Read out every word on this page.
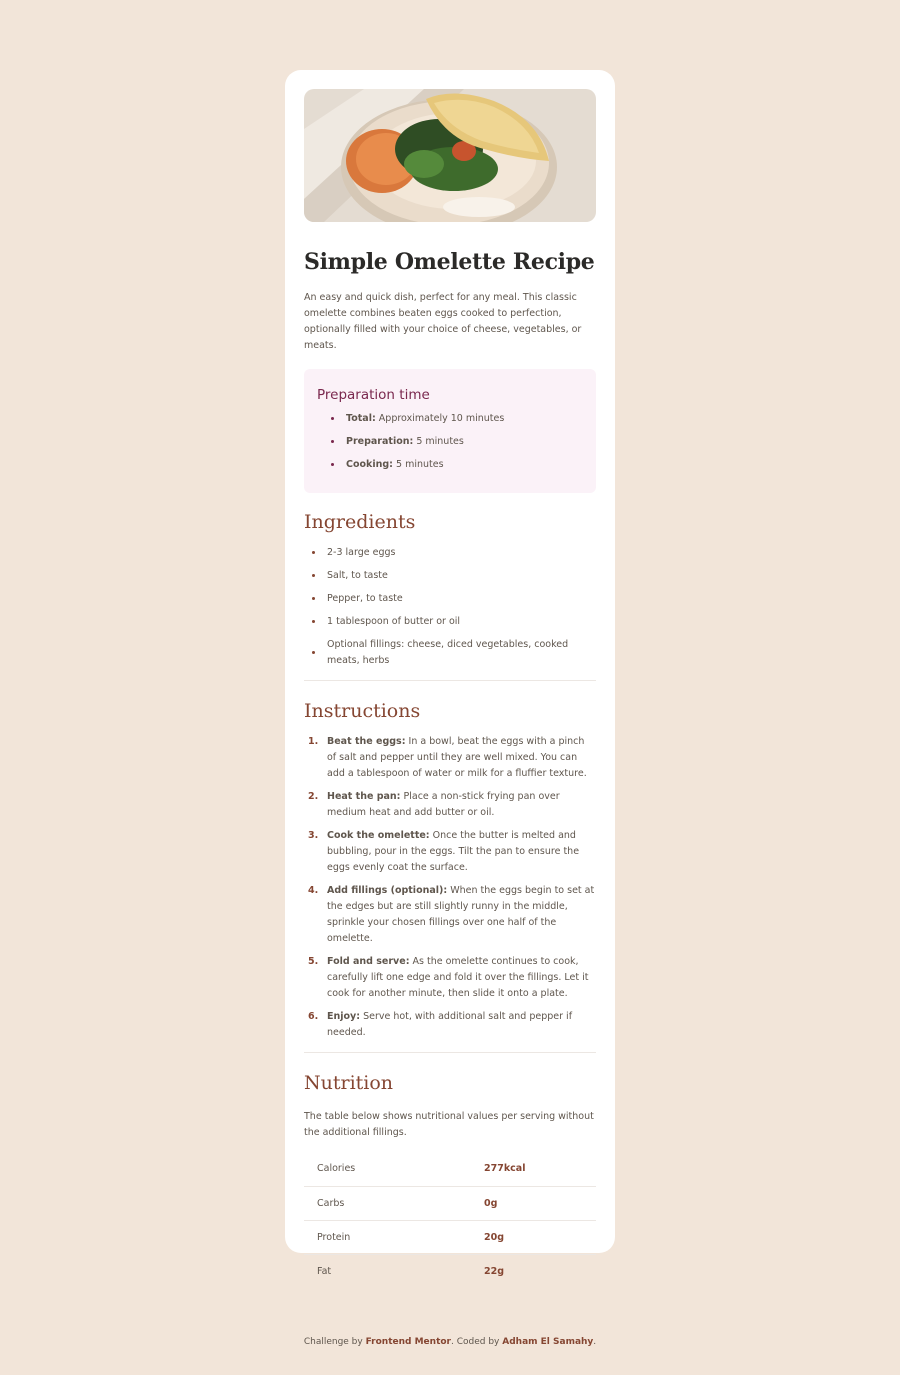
Simple Omelette Recipe

An easy and quick dish, perfect for any meal. This classic omelette combines beaten eggs cooked to perfection, optionally filled with your choice of cheese, vegetables, or meats.

Preparation time
Total: Approximately 10 minutes
Preparation: 5 minutes
Cooking: 5 minutes
Ingredients
2-3 large eggs
Salt, to taste
Pepper, to taste
1 tablespoon of butter or oil
Optional fillings: cheese, diced vegetables, cooked meats, herbs
Instructions
1. Beat the eggs: In a bowl, beat the eggs with a pinch of salt and pepper until they are well mixed. You can add a tablespoon of water or milk for a fluffier texture.
2. Heat the pan: Place a non-stick frying pan over medium heat and add butter or oil.
3. Cook the omelette: Once the butter is melted and bubbling, pour in the eggs. Tilt the pan to ensure the eggs evenly coat the surface.
4. Add fillings (optional): When the eggs begin to set at the edges but are still slightly runny in the middle, sprinkle your chosen fillings over one half of the omelette.
5. Fold and serve: As the omelette continues to cook, carefully lift one edge and fold it over the fillings. Let it cook for another minute, then slide it onto a plate.
6. Enjoy: Serve hot, with additional salt and pepper if needed.
Nutrition

The table below shows nutritional values per serving without the additional fillings.

Calories	277kcal
Carbs	0g
Protein	20g
Fat	22g
Challenge by Frontend Mentor. Coded by Adham El Samahy.
